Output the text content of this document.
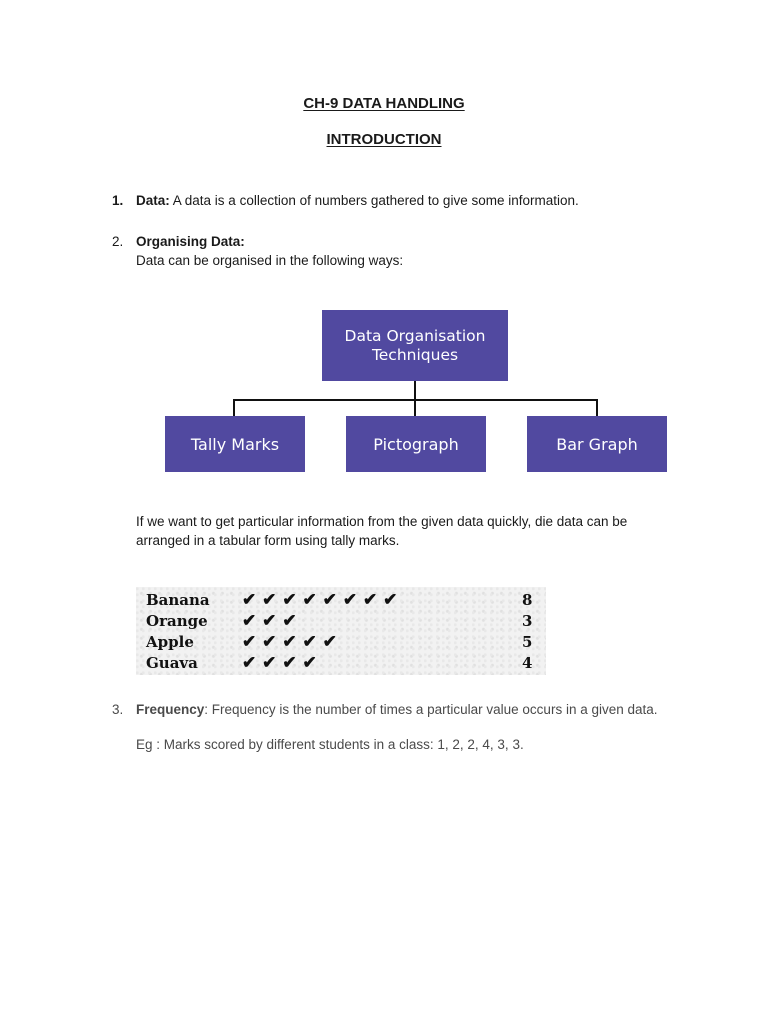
CH-9 DATA HANDLING
INTRODUCTION
1. Data: A data is a collection of numbers gathered to give some information.
2. Organising Data:
Data can be organised in the following ways:
Data Organisation
Techniques
Tally Marks	Pictograph	Bar Graph
If we want to get particular information from the given data quickly, die data can be arranged in a tabular form using tally marks.
Banana ✔ ✔ ✔ ✔ ✔ ✔ ✔ ✔	8
Orange ✔ ✔ ✔	3
Apple	✔ ✔ ✔ ✔ ✔	5
Guava	✔ ✔ ✔ ✔	4
3. Frequency: Frequency is the number of times a particular value occurs in a given data.
Eg : Marks scored by different students in a class: 1, 2, 2, 4, 3, 3.
